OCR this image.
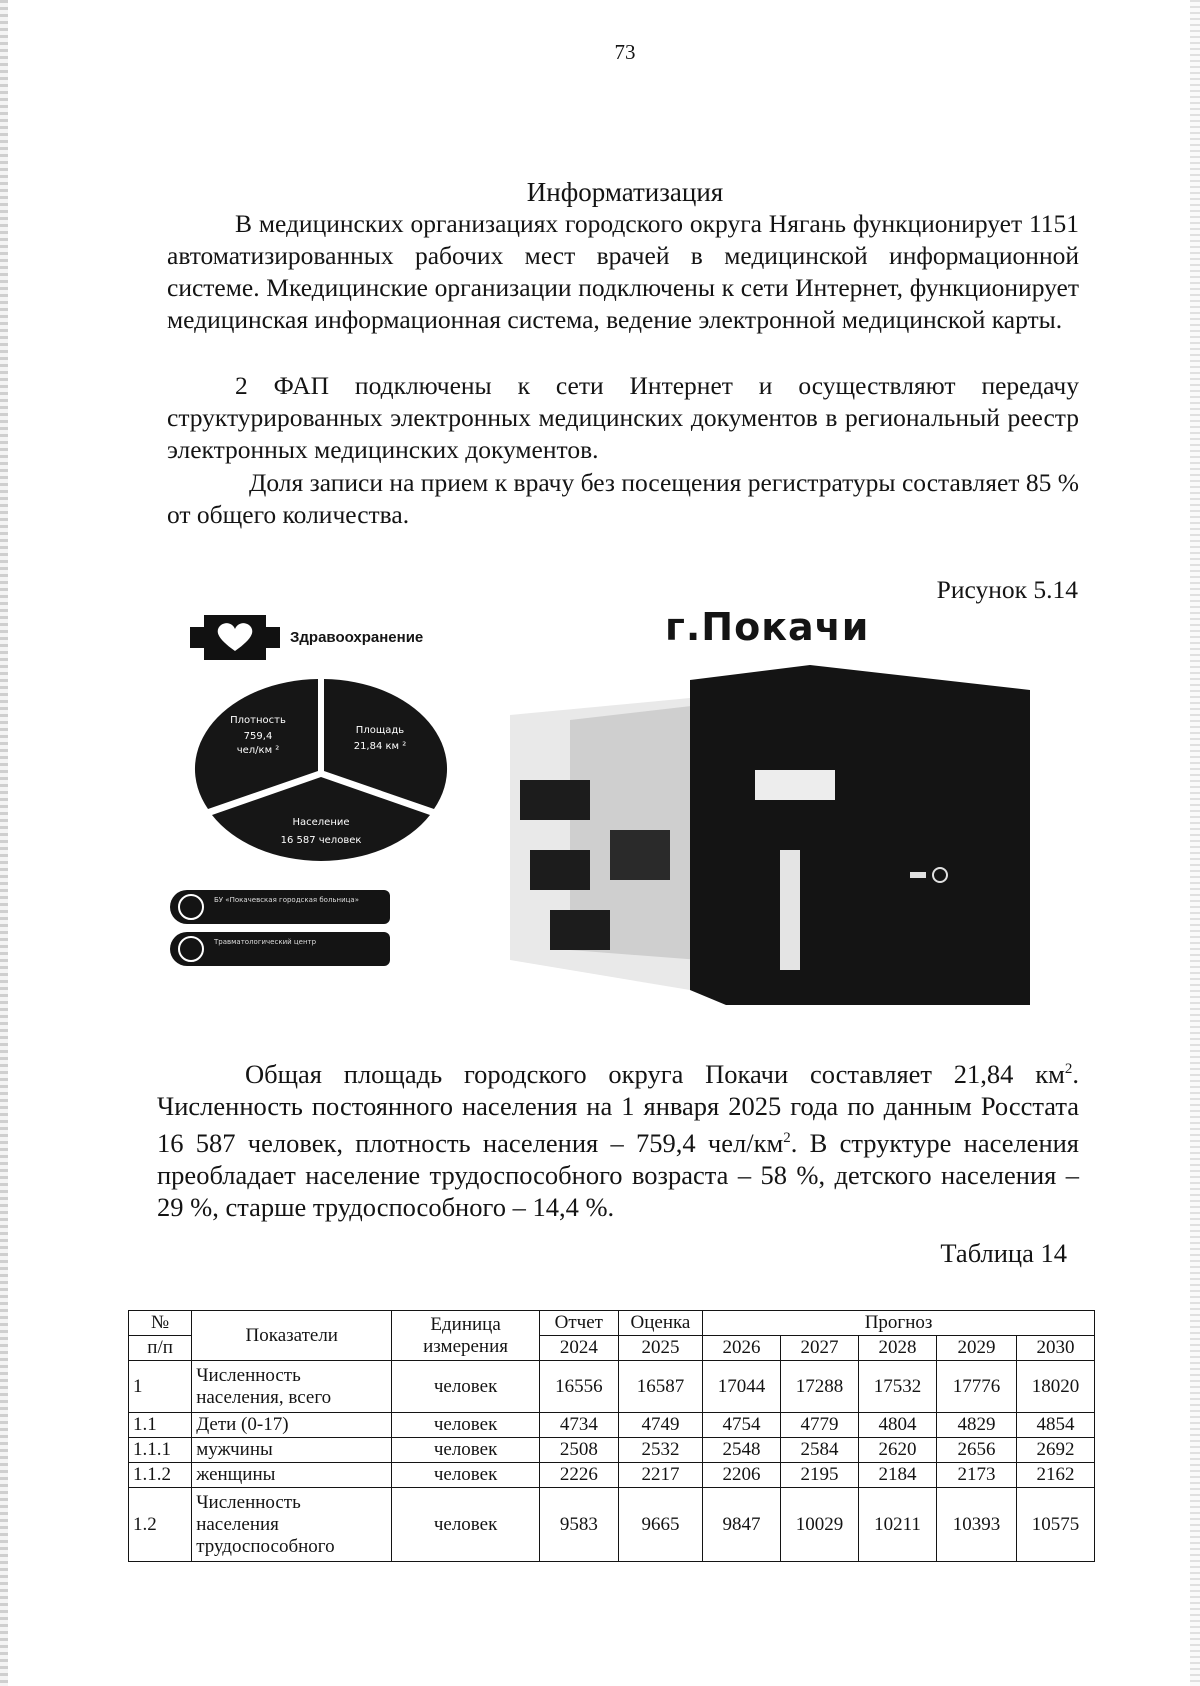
73
Информатизация
В медицинских организациях городского округа Нягань функционирует 1151 автоматизированных рабочих мест врачей в медицинской информационной системе. Мкедицинские организации подключены к сети Интернет, функционирует медицинская информационная система, ведение электронной медицинской карты.
2 ФАП подключены к сети Интернет и осуществляют передачу структурированных электронных медицинских документов в региональный реестр электронных медицинских документов.
Доля записи на прием к врачу без посещения регистратуры составляет 85 % от общего количества.
Рисунок 5.14
Здравоохранение	г.Покачи
Плотность
759,4
чел/км ²
Площадь
21,84 км ²
Население
16 587 человек
БУ «Покачевская городская больница»
Травматологический центр
Общая площадь городского округа Покачи составляет 21,84 $км^2$. Численность постоянного населения на 1 января 2025 года по данным Росстата 16 587 человек, плотность населения – 759,4 чел/$км^2$. В структуре населения преобладает население трудоспособного возраста – 58 %, детского населения – 29 %, старше трудоспособного – 14,4 %.
Таблица 14
№	Показатели	Единица измерения	Отчет	Оценка	Прогноз				
п/п			2024	2025	2026	2027	2028	2029	2030
1	Численность населения, всего	человек	16556	16587	17044	17288	17532	17776	18020
1.1	Дети (0-17)	человек	4734	4749	4754	4779	4804	4829	4854
1.1.1	мужчины	человек	2508	2532	2548	2584	2620	2656	2692
1.1.2	женщины	человек	2226	2217	2206	2195	2184	2173	2162
1.2	Численность населения трудоспособного	человек	9583	9665	9847	10029	10211	10393	10575
